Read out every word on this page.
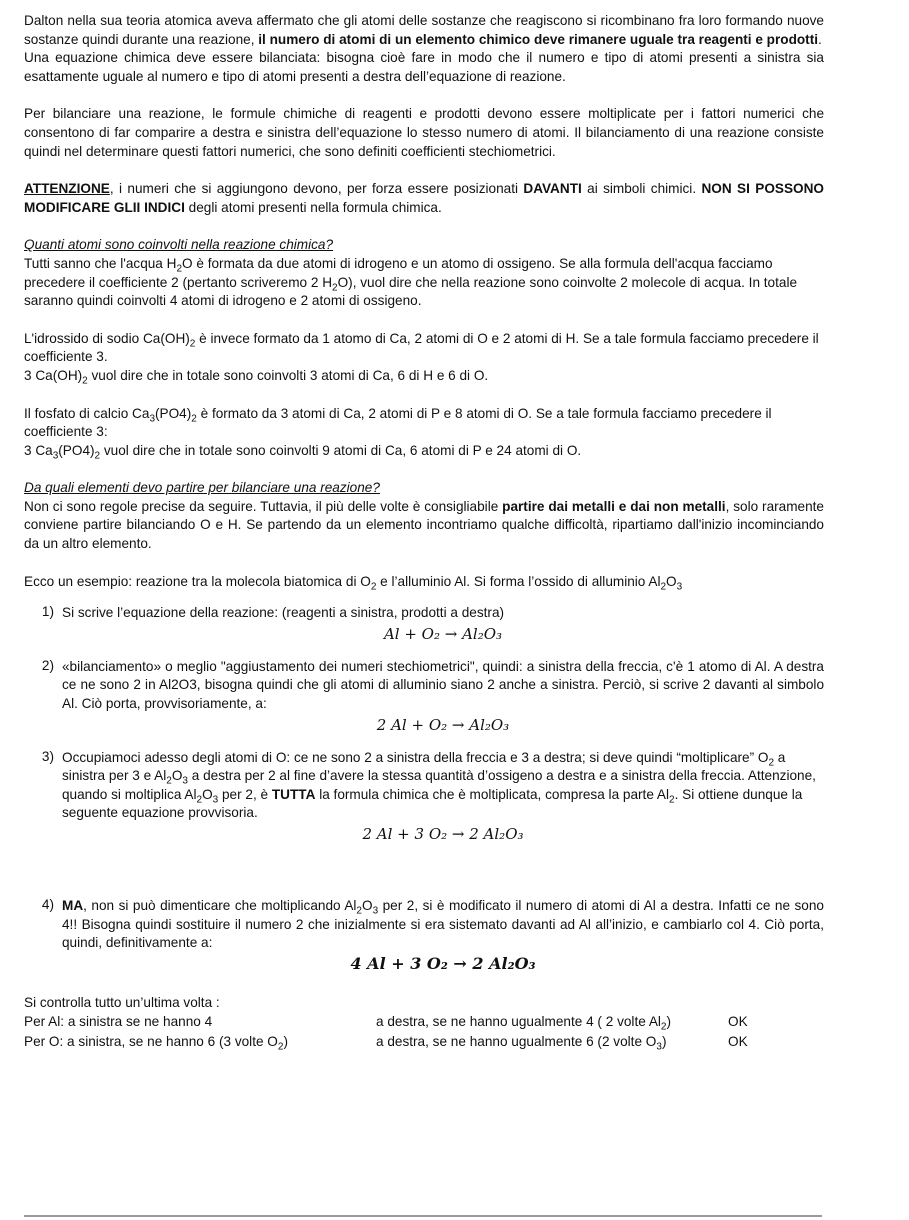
Dalton nella sua teoria atomica aveva affermato che gli atomi delle sostanze che reagiscono si ricombinano fra loro formando nuove sostanze quindi durante una reazione, il numero di atomi di un elemento chimico deve rimanere uguale tra reagenti e prodotti.

Una equazione chimica deve essere bilanciata: bisogna cioè fare in modo che il numero e tipo di atomi presenti a sinistra sia esattamente uguale al numero e tipo di atomi presenti a destra dell’equazione di reazione.

Per bilanciare una reazione, le formule chimiche di reagenti e prodotti devono essere moltiplicate per i fattori numerici che consentono di far comparire a destra e sinistra dell’equazione lo stesso numero di atomi. Il bilanciamento di una reazione consiste quindi nel determinare questi fattori numerici, che sono definiti coefficienti stechiometrici.

ATTENZIONE, i numeri che si aggiungono devono, per forza essere posizionati DAVANTI ai simboli chimici. NON SI POSSONO MODIFICARE GLII INDICI degli atomi presenti nella formula chimica.

Quanti atomi sono coinvolti nella reazione chimica?

Tutti sanno che l'acqua $H_2O$ è formata da due atomi di idrogeno e un atomo di ossigeno. Se alla formula dell'acqua facciamo precedere il coefficiente 2 (pertanto scriveremo 2 $H_2O$), vuol dire che nella reazione sono coinvolte 2 molecole di acqua. In totale saranno quindi coinvolti 4 atomi di idrogeno e 2 atomi di ossigeno.

L'idrossido di sodio $Ca(OH)_2$ è invece formato da 1 atomo di Ca, 2 atomi di O e 2 atomi di H. Se a tale formula facciamo precedere il coefficiente 3.
3 $Ca(OH)_2$ vuol dire che in totale sono coinvolti 3 atomi di Ca, 6 di H e 6 di O.

Il fosfato di calcio $Ca_3(PO4)_2$ è formato da 3 atomi di Ca, 2 atomi di P e 8 atomi di O. Se a tale formula facciamo precedere il coefficiente 3:
3 $Ca_3(PO4)_2$ vuol dire che in totale sono coinvolti 9 atomi di Ca, 6 atomi di P e 24 atomi di O.

Da quali elementi devo partire per bilanciare una reazione?

Non ci sono regole precise da seguire. Tuttavia, il più delle volte è consigliabile partire dai metalli e dai non metalli, solo raramente conviene partire bilanciando O e H. Se partendo da un elemento incontriamo qualche difficoltà, ripartiamo dall'inizio incominciando da un altro elemento.

Ecco un esempio: reazione tra la molecola biatomica di $O_2$ e l’alluminio Al. Si forma l’ossido di alluminio $Al_2O_3$

1) Si scrive l’equazione della reazione: (reagenti a sinistra, prodotti a destra)

Al + O₂ → Al₂O₃

2) «bilanciamento» o meglio "aggiustamento dei numeri stechiometrici", quindi: a sinistra della freccia, c'è 1 atomo di Al. A destra ce ne sono 2 in Al2O3, bisogna quindi che gli atomi di alluminio siano 2 anche a sinistra. Perciò, si scrive 2 davanti al simbolo Al. Ciò porta, provvisoriamente, a:

2 Al + O₂ → Al₂O₃

3) Occupiamoci adesso degli atomi di O: ce ne sono 2 a sinistra della freccia e 3 a destra; si deve quindi “moltiplicare” $O_2$ a sinistra per 3 e $Al_2O_3$ a destra per 2 al fine d’avere la stessa quantità d’ossigeno a destra e a sinistra della freccia. Attenzione, quando si moltiplica $Al_2O_3$ per 2, è TUTTA la formula chimica che è moltiplicata, compresa la parte $Al_2$. Si ottiene dunque la seguente equazione provvisoria.

2 Al + 3 O₂ → 2 Al₂O₃

4) MA, non si può dimenticare che moltiplicando $Al_2O_3$ per 2, si è modificato il numero di atomi di Al a destra. Infatti ce ne sono 4!! Bisogna quindi sostituire il numero 2 che inizialmente si era sistemato davanti ad Al all’inizio, e cambiarlo col 4. Ciò porta, quindi, definitivamente a:

4 Al + 3 O₂ → 2 Al₂O₃

Si controlla tutto un’ultima volta :

Per Al: a sinistra se ne hanno 4	a destra, se ne hanno ugualmente 4 ( 2 volte $Al_2$)	OK
Per O: a sinistra, se ne hanno 6 (3 volte $O_2$)	a destra, se ne hanno ugualmente 6 (2 volte $O_3$)	OK
